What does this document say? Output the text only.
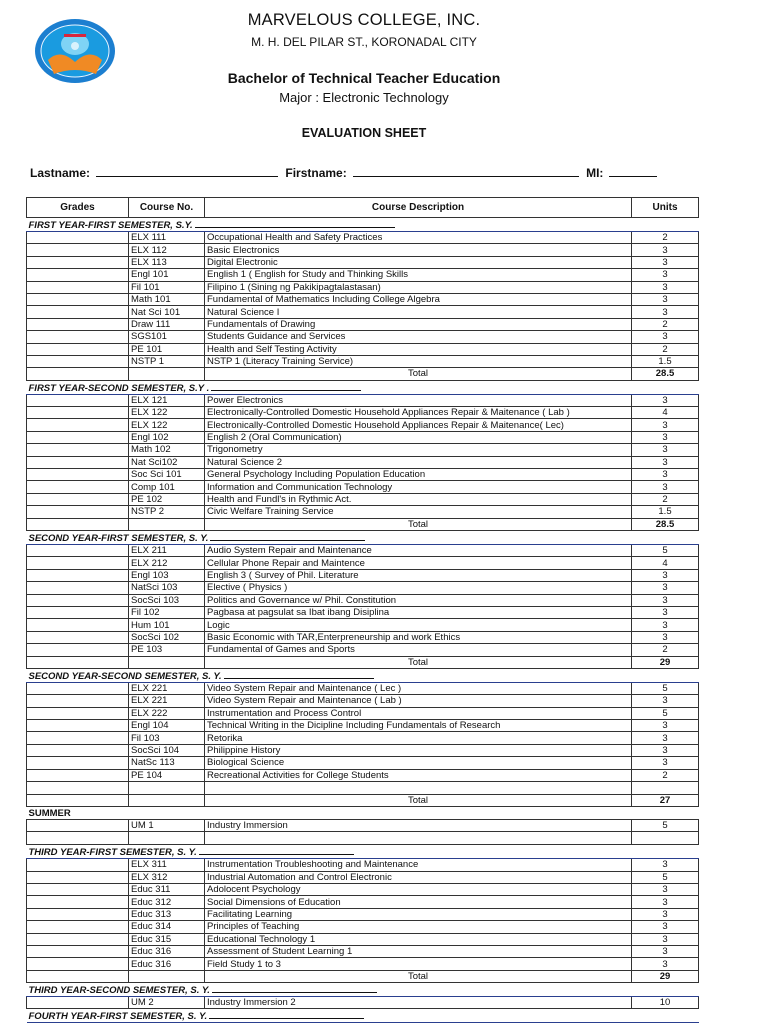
MARVELOUS COLLEGE, INC.
M. H. DEL PILAR ST., KORONADAL CITY
Bachelor of Technical Teacher Education
Major : Electronic Technology
EVALUATION SHEET
Lastname:	Firstname:	MI:
Grades	Course No.	Course Description	Units
FIRST YEAR-FIRST SEMESTER, S.Y.			
	ELX 111	Occupational Health and Safety Practices	2
	ELX 112	Basic Electronics	3
	ELX 113	Digital Electronic	3
	Engl 101	English 1 ( English for Study and Thinking Skills	3
	Fil 101	Filipino 1 (Sining ng Pakikipagtalastasan)	3
	Math 101	Fundamental of Mathematics Including College Algebra	3
	Nat Sci 101	Natural Science I	3
	Draw 111	Fundamentals of Drawing	2
	SGS101	Students Guidance and Services	3
	PE 101	Health and Self Testing Activity	2
	NSTP 1	NSTP 1 (Literacy Training Service)	1.5
		Total	28.5
FIRST YEAR-SECOND SEMESTER, S.Y .			
	ELX 121	Power Electronics	3
	ELX 122	Electronically-Controlled Domestic Household Appliances Repair & Maitenance ( Lab )	4
	ELX 122	Electronically-Controlled Domestic Household Appliances Repair & Maitenance( Lec)	3
	Engl 102	English 2 (Oral Communication)	3
	Math 102	Trigonometry	3
	Nat Sci102	Natural Science 2	3
	Soc Sci 101	General Psychology Including Population Education	3
	Comp 101	Information and Communication Technology	3
	PE 102	Health and Fundl's in Rythmic Act.	2
	NSTP 2	Civic Welfare Training Service	1.5
		Total	28.5
SECOND YEAR-FIRST SEMESTER, S. Y.			
	ELX 211	Audio System Repair and Maintenance	5
	ELX 212	Cellular Phone Repair and Maintence	4
	Engl 103	English 3 ( Survey of Phil. Literature	3
	NatSci 103	Elective ( Physics )	3
	SocSci 103	Politics and Governance w/ Phil. Constitution	3
	Fil 102	Pagbasa at pagsulat sa Ibat ibang Disiplina	3
	Hum 101	Logic	3
	SocSci 102	Basic Economic with TAR,Enterpreneurship and work Ethics	3
	PE 103	Fundamental of Games and Sports	2
		Total	29
SECOND YEAR-SECOND SEMESTER, S. Y.			
	ELX 221	Video System Repair and Maintenance ( Lec )	5
	ELX 221	Video System Repair and Maintenance ( Lab )	3
	ELX 222	Instrumentation and Process Control	5
	Engl 104	Technical Writing in the Dicipline Including Fundamentals of Research	3
	Fil 103	Retorika	3
	SocSci 104	Philippine History	3
	NatSc 113	Biological Science	3
	PE 104	Recreational Activities for College Students	2

		Total	27
SUMMER			
	UM 1	Industry Immersion	5

THIRD YEAR-FIRST SEMESTER, S. Y.			
	ELX 311	Instrumentation Troubleshooting and Maintenance	3
	ELX 312	Industrial Automation and Control Electronic	5
	Educ 311	Adolocent Psychology	3
	Educ 312	Social Dimensions of Education	3
	Educ 313	Facilitating Learning	3
	Educ 314	Principles of Teaching	3
	Educ 315	Educational Technology 1	3
	Educ 316	Assessment of Student Learning 1	3
	Educ 316	Field Study 1 to 3	3
		Total	29
THIRD YEAR-SECOND SEMESTER, S. Y.			
	UM 2	Industry Immersion 2	10
FOURTH YEAR-FIRST SEMESTER, S. Y.			
